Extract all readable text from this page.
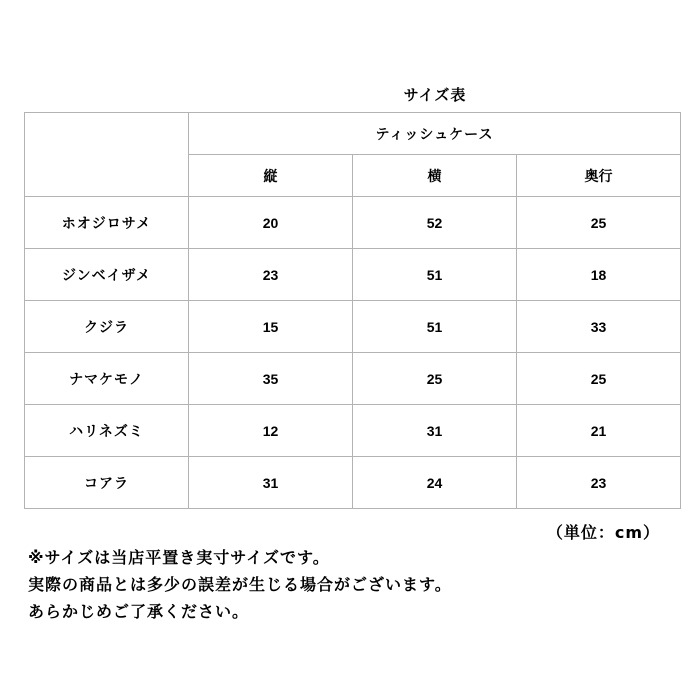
サイズ表
	ティッシュケース		
	縦	横	奥行
ホオジロサメ	20	52	25
ジンベイザメ	23	51	18
クジラ	15	51	33
ナマケモノ	35	25	25
ハリネズミ	12	31	21
コアラ	31	24	23
（単位：cm）
※サイズは当店平置き実寸サイズです。
実際の商品とは多少の誤差が生じる場合がございます。
あらかじめご了承ください。
